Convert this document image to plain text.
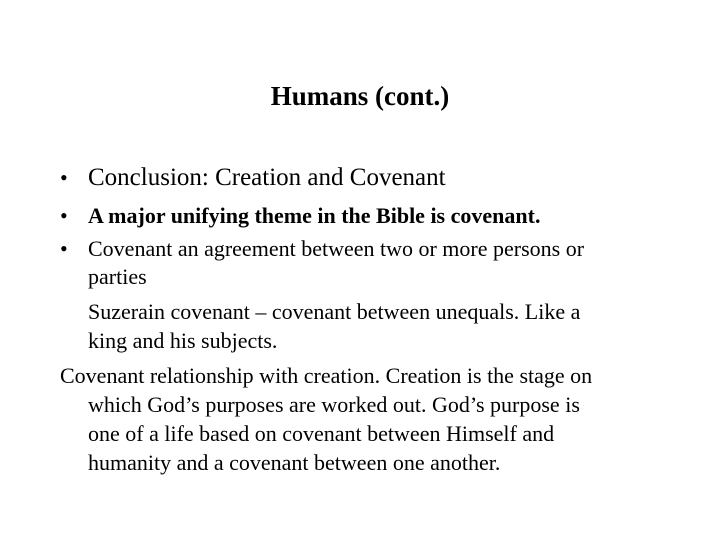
Humans (cont.)
• Conclusion: Creation and Covenant
• A major unifying theme in the Bible is covenant.
• Covenant an agreement between two or more persons or
parties
Suzerain covenant – covenant between unequals. Like a
king and his subjects.
Covenant relationship with creation. Creation is the stage on
which God’s purposes are worked out. God’s purpose is
one of a life based on covenant between Himself and
humanity and a covenant between one another.
